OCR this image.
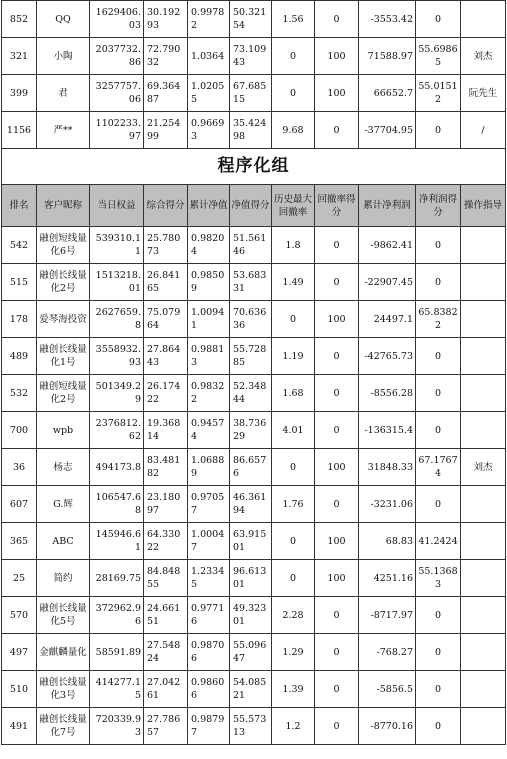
852	QQ	1629406.03	30.19293	0.99782	50.32154	1.56	0	-3553.42	0	
321	小陶	2037732.86	72.79032	1.0364	73.10943	0	100	71588.97	55.69865	刘杰
399	君	3257757.06	69.36487	1.02055	67.68515	0	100	66652.7	55.01512	阮先生
1156	严**	1102233.97	21.25499	0.96693	35.42498	9.68	0	-37704.95	0	/
程序化组										
排名	客户昵称	当日权益	综合得分	累计净值	净值得分	历史最大回撤率	回撤率得分	累计净利润	净利润得分	操作指导
542	融创短线量化6号	539310.11	25.78073	0.98204	51.56146	1.8	0	-9862.41	0	
515	融创长线量化2号	1513218.01	26.84165	0.98509	53.68331	1.49	0	-22907.45	0	
178	爱琴海投资	2627659.8	75.07964	1.00941	70.63636	0	100	24497.1	65.83822	
489	融创长线量化1号	3558932.93	27.86443	0.98813	55.72885	1.19	0	-42765.73	0	
532	融创短线量化2号	501349.29	26.17422	0.98322	52.34844	1.68	0	-8556.28	0	
700	wpb	2376812.62	19.36814	0.94574	38.73629	4.01	0	-136315.4	0	
36	杨志	494173.8	83.48182	1.06889	86.6576	0	100	31848.33	67.17674	刘杰
607	G.辉	106547.68	23.18097	0.97057	46.36194	1.76	0	-3231.06	0	
365	ABC	145946.61	64.33022	1.00047	63.91501	0	100	68.83	41.2424	
25	简约	28169.75	84.84855	1.23345	96.61301	0	100	4251.16	55.13683	
570	融创长线量化5号	372962.96	24.66151	0.97716	49.32301	2.28	0	-8717.97	0	
497	金麒麟量化	58591.89	27.54824	0.98706	55.09647	1.29	0	-768.27	0	
510	融创长线量化3号	414277.15	27.04261	0.98606	54.08521	1.39	0	-5856.5	0	
491	融创长线量化7号	720339.93	27.78657	0.98797	55.57313	1.2	0	-8770.16	0	
